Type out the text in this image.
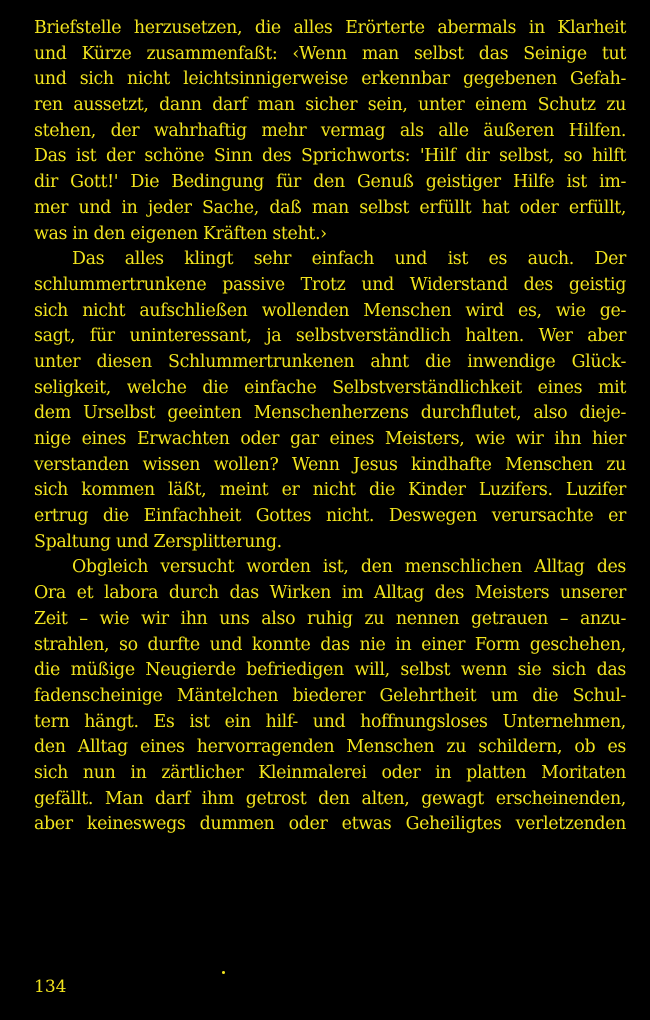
Briefstelle herzusetzen, die alles Erörterte abermals in Klarheit
und Kürze zusammenfaßt: ‹Wenn man selbst das Seinige tut
und sich nicht leichtsinnigerweise erkennbar gegebenen Gefah-
ren aussetzt, dann darf man sicher sein, unter einem Schutz zu
stehen, der wahrhaftig mehr vermag als alle äußeren Hilfen.
Das ist der schöne Sinn des Sprichworts: 'Hilf dir selbst, so hilft
dir Gott!' Die Bedingung für den Genuß geistiger Hilfe ist im-
mer und in jeder Sache, daß man selbst erfüllt hat oder erfüllt,
was in den eigenen Kräften steht.›
Das alles klingt sehr einfach und ist es auch. Der
schlummertrunkene passive Trotz und Widerstand des geistig
sich nicht aufschließen wollenden Menschen wird es, wie ge-
sagt, für uninteressant, ja selbstverständlich halten. Wer aber
unter diesen Schlummertrunkenen ahnt die inwendige Glück-
seligkeit, welche die einfache Selbstverständlichkeit eines mit
dem Urselbst geeinten Menschenherzens durchflutet, also dieje-
nige eines Erwachten oder gar eines Meisters, wie wir ihn hier
verstanden wissen wollen? Wenn Jesus kindhafte Menschen zu
sich kommen läßt, meint er nicht die Kinder Luzifers. Luzifer
ertrug die Einfachheit Gottes nicht. Deswegen verursachte er
Spaltung und Zersplitterung.
Obgleich versucht worden ist, den menschlichen Alltag des
Ora et labora durch das Wirken im Alltag des Meisters unserer
Zeit – wie wir ihn uns also ruhig zu nennen getrauen – anzu-
strahlen, so durfte und konnte das nie in einer Form geschehen,
die müßige Neugierde befriedigen will, selbst wenn sie sich das
fadenscheinige Mäntelchen biederer Gelehrtheit um die Schul-
tern hängt. Es ist ein hilf- und hoffnungsloses Unternehmen,
den Alltag eines hervorragenden Menschen zu schildern, ob es
sich nun in zärtlicher Kleinmalerei oder in platten Moritaten
gefällt. Man darf ihm getrost den alten, gewagt erscheinenden,
aber keineswegs dummen oder etwas Geheiligtes verletzenden
134
